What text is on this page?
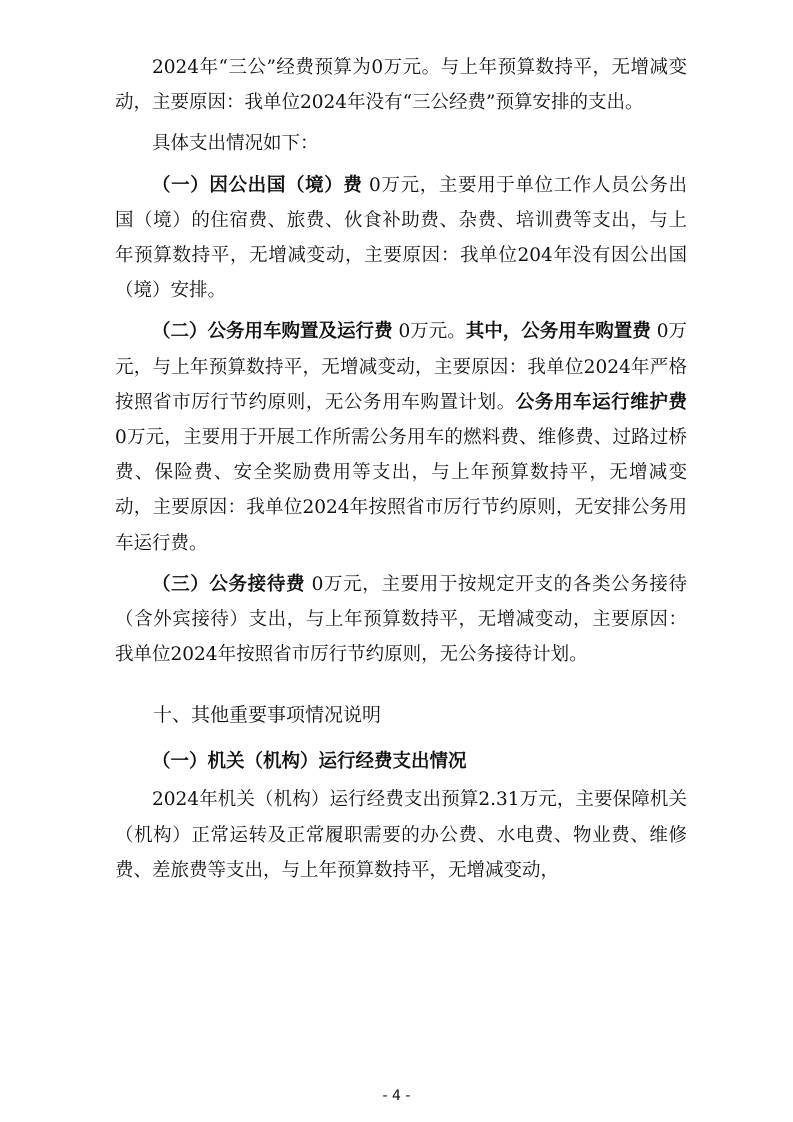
2024年“三公”经费预算为0万元。与上年预算数持平，无增减变动，主要原因：我单位2024年没有“三公经费”预算安排的支出。

具体支出情况如下：

（一）因公出国（境）费 0万元，主要用于单位工作人员公务出国（境）的住宿费、旅费、伙食补助费、杂费、培训费等支出，与上年预算数持平，无增减变动，主要原因：我单位204年没有因公出国（境）安排。

（二）公务用车购置及运行费 0万元。其中，公务用车购置费 0万元，与上年预算数持平，无增减变动，主要原因：我单位2024年严格按照省市厉行节约原则，无公务用车购置计划。公务用车运行维护费 0万元，主要用于开展工作所需公务用车的燃料费、维修费、过路过桥费、保险费、安全奖励费用等支出，与上年预算数持平，无增减变动，主要原因：我单位2024年按照省市厉行节约原则，无安排公务用车运行费。

（三）公务接待费 0万元，主要用于按规定开支的各类公务接待（含外宾接待）支出，与上年预算数持平，无增减变动，主要原因：我单位2024年按照省市厉行节约原则，无公务接待计划。

十、其他重要事项情况说明
（一）机关（机构）运行经费支出情况

2024年机关（机构）运行经费支出预算2.31万元，主要保障机关（机构）正常运转及正常履职需要的办公费、水电费、物业费、维修费、差旅费等支出，与上年预算数持平，无增减变动，

- 4 -
